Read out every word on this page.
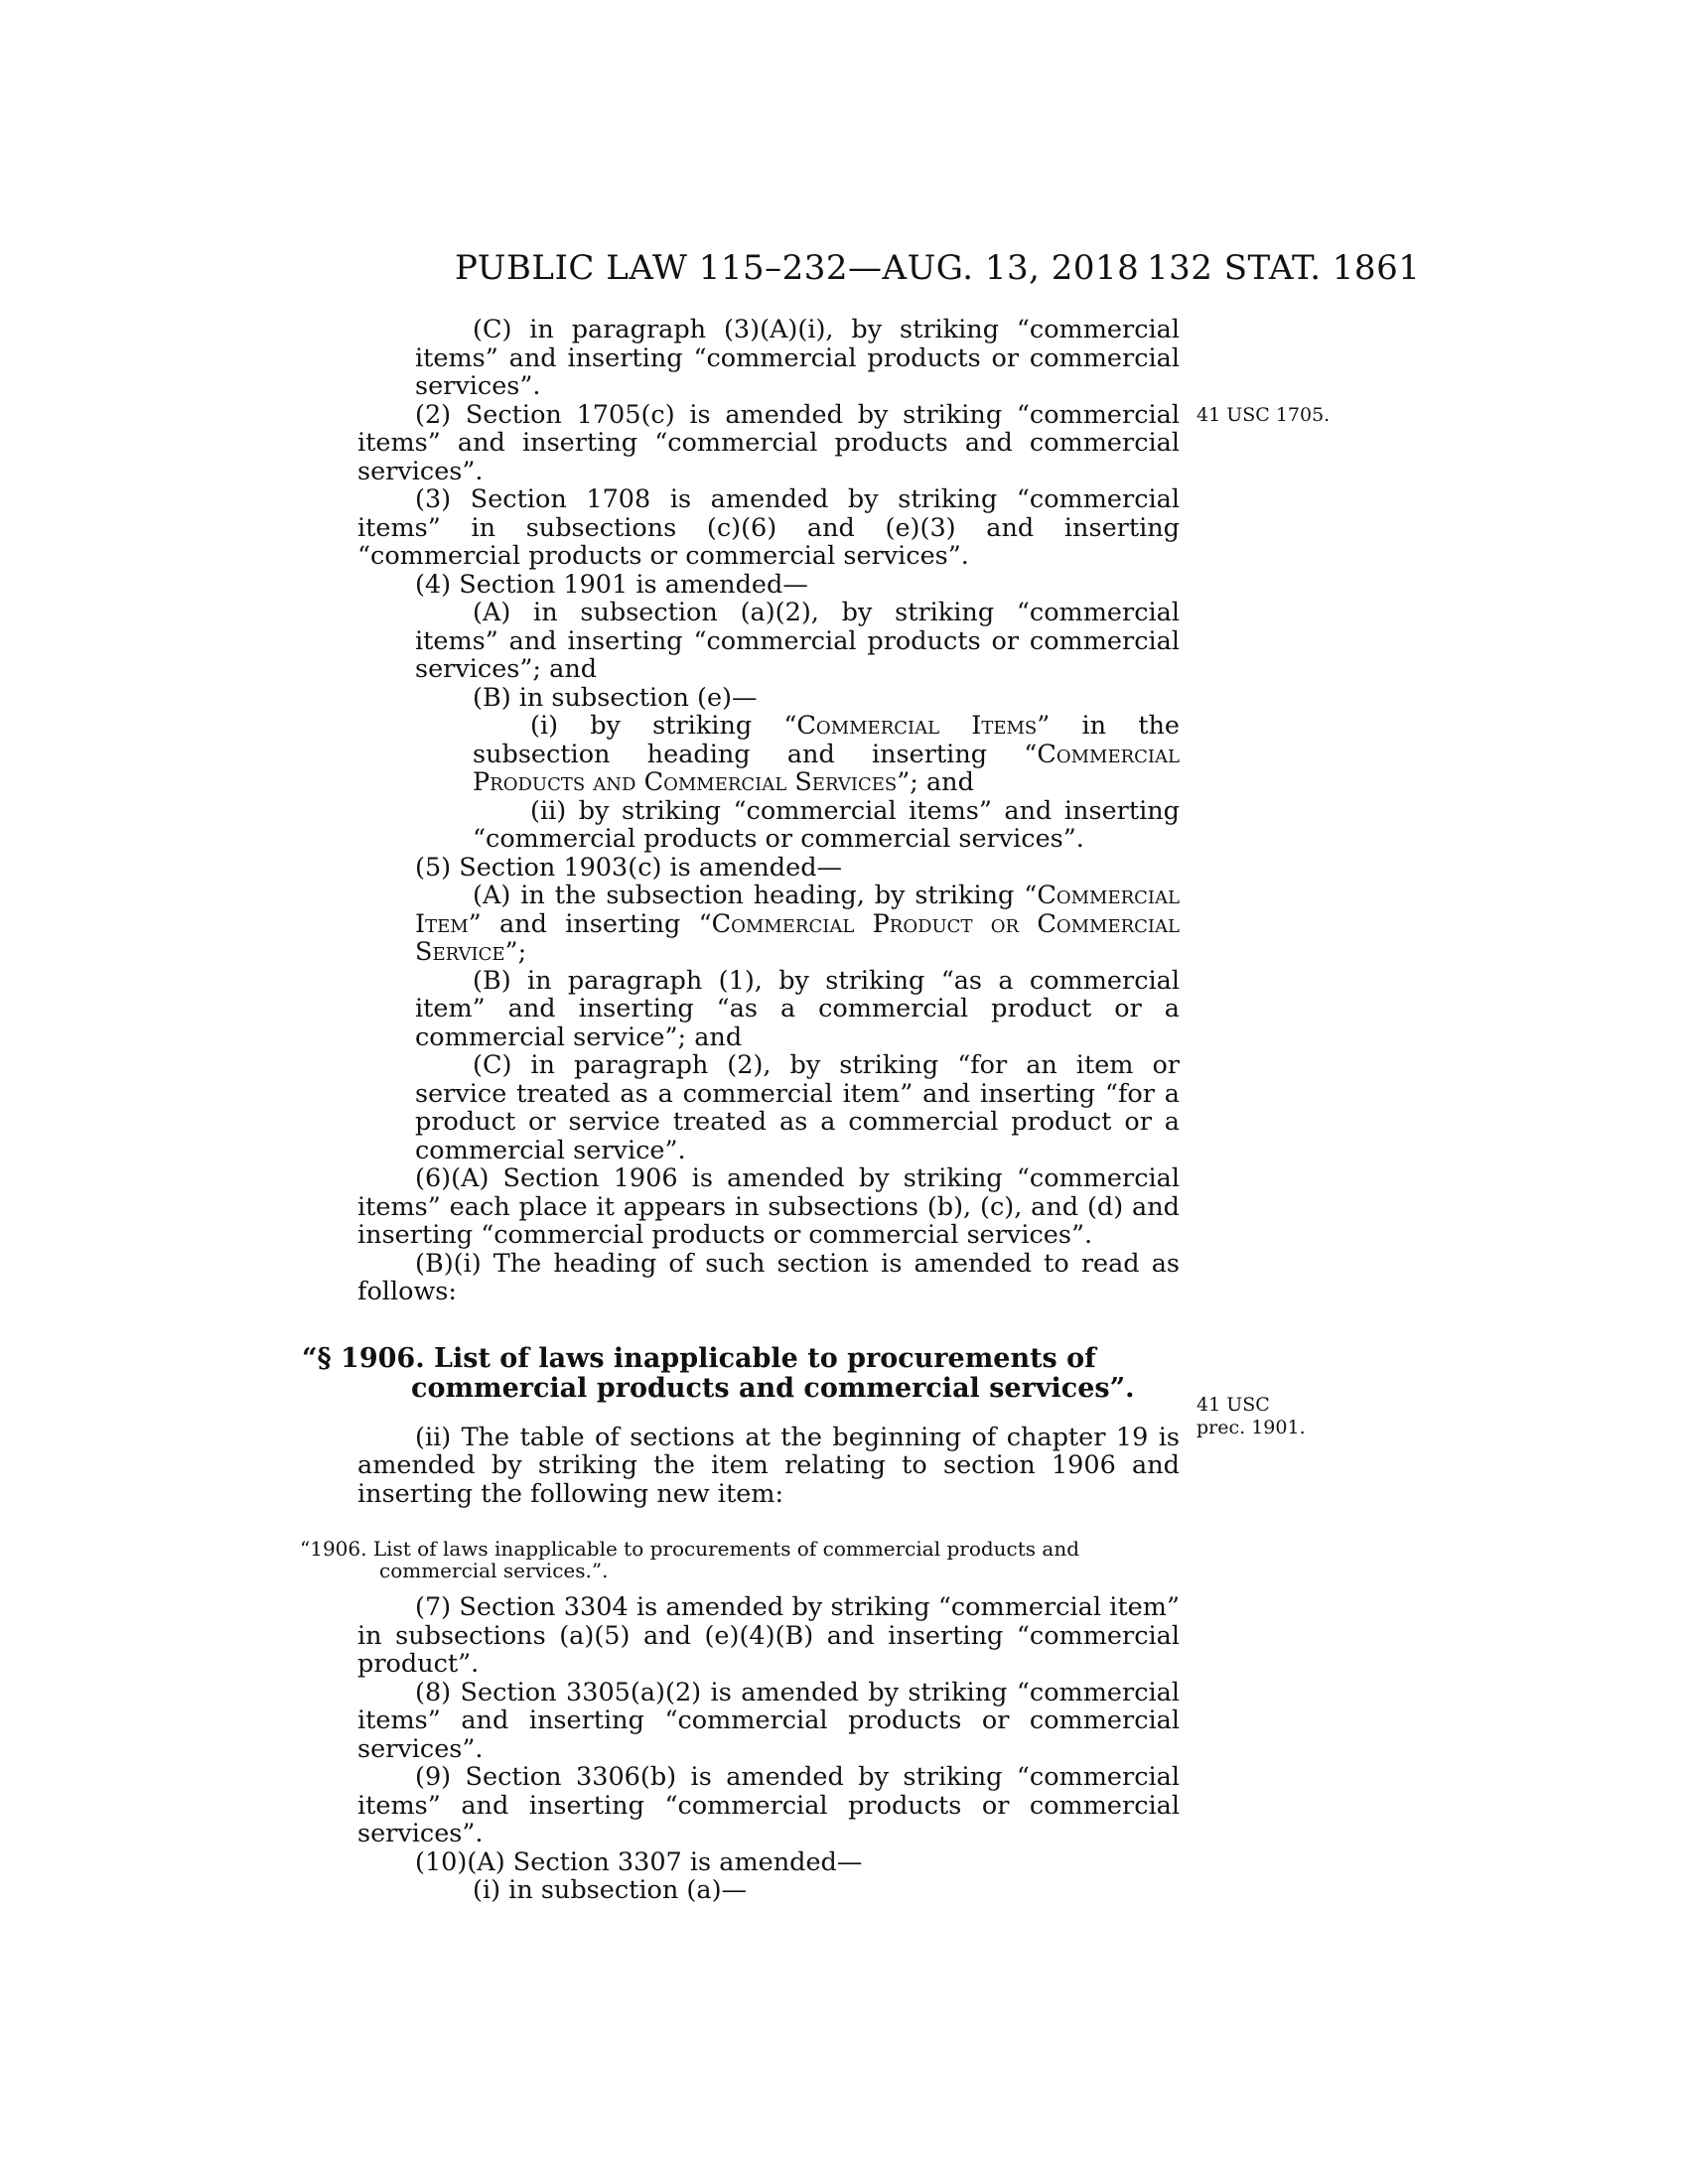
PUBLIC LAW 115–232—AUG. 13, 2018 132 STAT. 1861
41 USC 1705.
41 USC
prec. 1901.

(C) in paragraph (3)(A)(i), by striking “commercial items” and inserting “commercial products or commercial services”.

(2) Section 1705(c) is amended by striking “commercial items” and inserting “commercial products and commercial services”.

(3) Section 1708 is amended by striking “commercial items” in subsections (c)(6) and (e)(3) and inserting “commercial products or commercial services”.

(4) Section 1901 is amended—

(A) in subsection (a)(2), by striking “commercial items” and inserting “commercial products or commercial services”; and

(B) in subsection (e)—

(i) by striking “Commercial Items” in the subsection heading and inserting “Commercial Products and Commercial Services”; and

(ii) by striking “commercial items” and inserting “commercial products or commercial services”.

(5) Section 1903(c) is amended—

(A) in the subsection heading, by striking “Commercial Item” and inserting “Commercial Product or Commercial Service”;

(B) in paragraph (1), by striking “as a commercial item” and inserting “as a commercial product or a commercial service”; and

(C) in paragraph (2), by striking “for an item or service treated as a commercial item” and inserting “for a product or service treated as a commercial product or a commercial service”.

(6)(A) Section 1906 is amended by striking “commercial items” each place it appears in subsections (b), (c), and (d) and inserting “commercial products or commercial services”.

(B)(i) The heading of such section is amended to read as follows:

“§ 1906. List of laws inapplicable to procurements of commercial products and commercial services”.

(ii) The table of sections at the beginning of chapter 19 is amended by striking the item relating to section 1906 and inserting the following new item:

“1906. List of laws inapplicable to procurements of commercial products and commercial services.”.

(7) Section 3304 is amended by striking “commercial item” in subsections (a)(5) and (e)(4)(B) and inserting “commercial product”.

(8) Section 3305(a)(2) is amended by striking “commercial items” and inserting “commercial products or commercial services”.

(9) Section 3306(b) is amended by striking “commercial items” and inserting “commercial products or commercial services”.

(10)(A) Section 3307 is amended—

(i) in subsection (a)—
